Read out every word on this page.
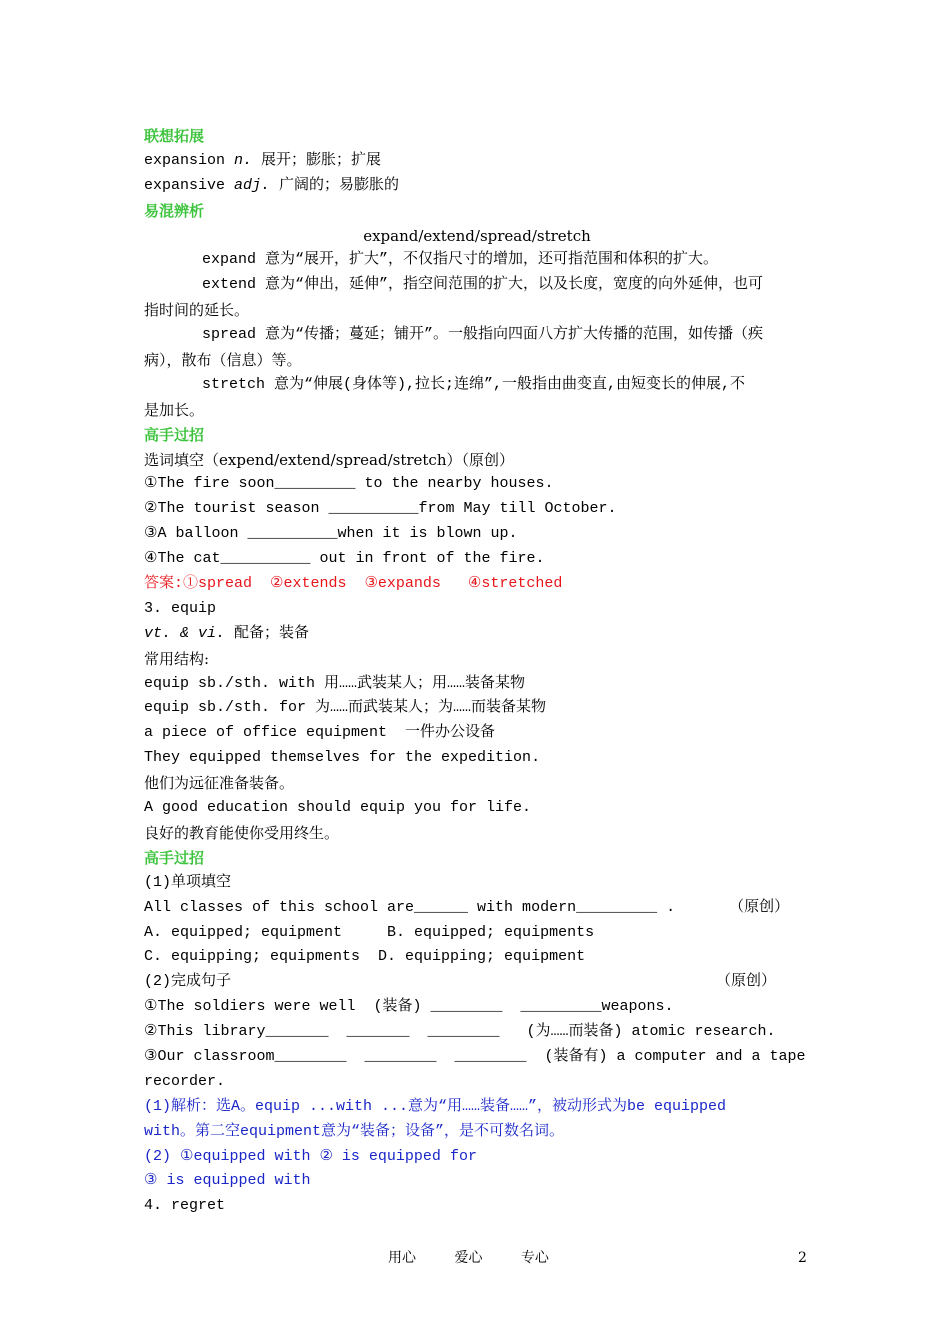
联想拓展
expansion n. 展开；膨胀；扩展
expansive adj. 广阔的；易膨胀的
易混辨析
expand/extend/spread/stretch
expand 意为“展开，扩大”，不仅指尺寸的增加，还可指范围和体积的扩大。
extend 意为“伸出，延伸”，指空间范围的扩大，以及长度，宽度的向外延伸，也可
指时间的延长。
spread 意为“传播；蔓延；铺开”。一般指向四面八方扩大传播的范围，如传播（疾
病），散布（信息）等。
stretch 意为“伸展(身体等),拉长;连绵”,一般指由曲变直,由短变长的伸展,不
是加长。
高手过招
选词填空（expend/extend/spread/stretch）（原创）
①The fire soon_________ to the nearby houses.
②The tourist season __________from May till October.
③A balloon __________when it is blown up.
④The cat__________ out in front of the fire.
答案:①spread  ②extends  ③expands   ④stretched
3. equip
vt. & vi. 配备；装备
常用结构:
equip sb./sth. with 用……武装某人；用……装备某物
equip sb./sth. for 为……而武装某人；为……而装备某物
a piece of office equipment  一件办公设备
They equipped themselves for the expedition.
他们为远征准备装备。
A good education should equip you for life.
良好的教育能使你受用终生。
高手过招
(1)单项填空
All classes of this school are______ with modern_________ .	（原创）
A. equipped; equipment     B. equipped; equipments
C. equipping; equipments  D. equipping; equipment
(2)完成句子	（原创）
①The soldiers were well  (装备) ________  _________weapons.
②This library_______  _______  ________   (为……而装备) atomic research.
③Our classroom________  ________  ________  (装备有) a computer and a tape
recorder.
(1)解析：选A。equip ...with ...意为“用……装备……”，被动形式为be equipped
with。第二空equipment意为“装备；设备”，是不可数名词。
(2) ①equipped with ② is equipped for
③ is equipped with
4. regret
用心	爱心	专心	2
